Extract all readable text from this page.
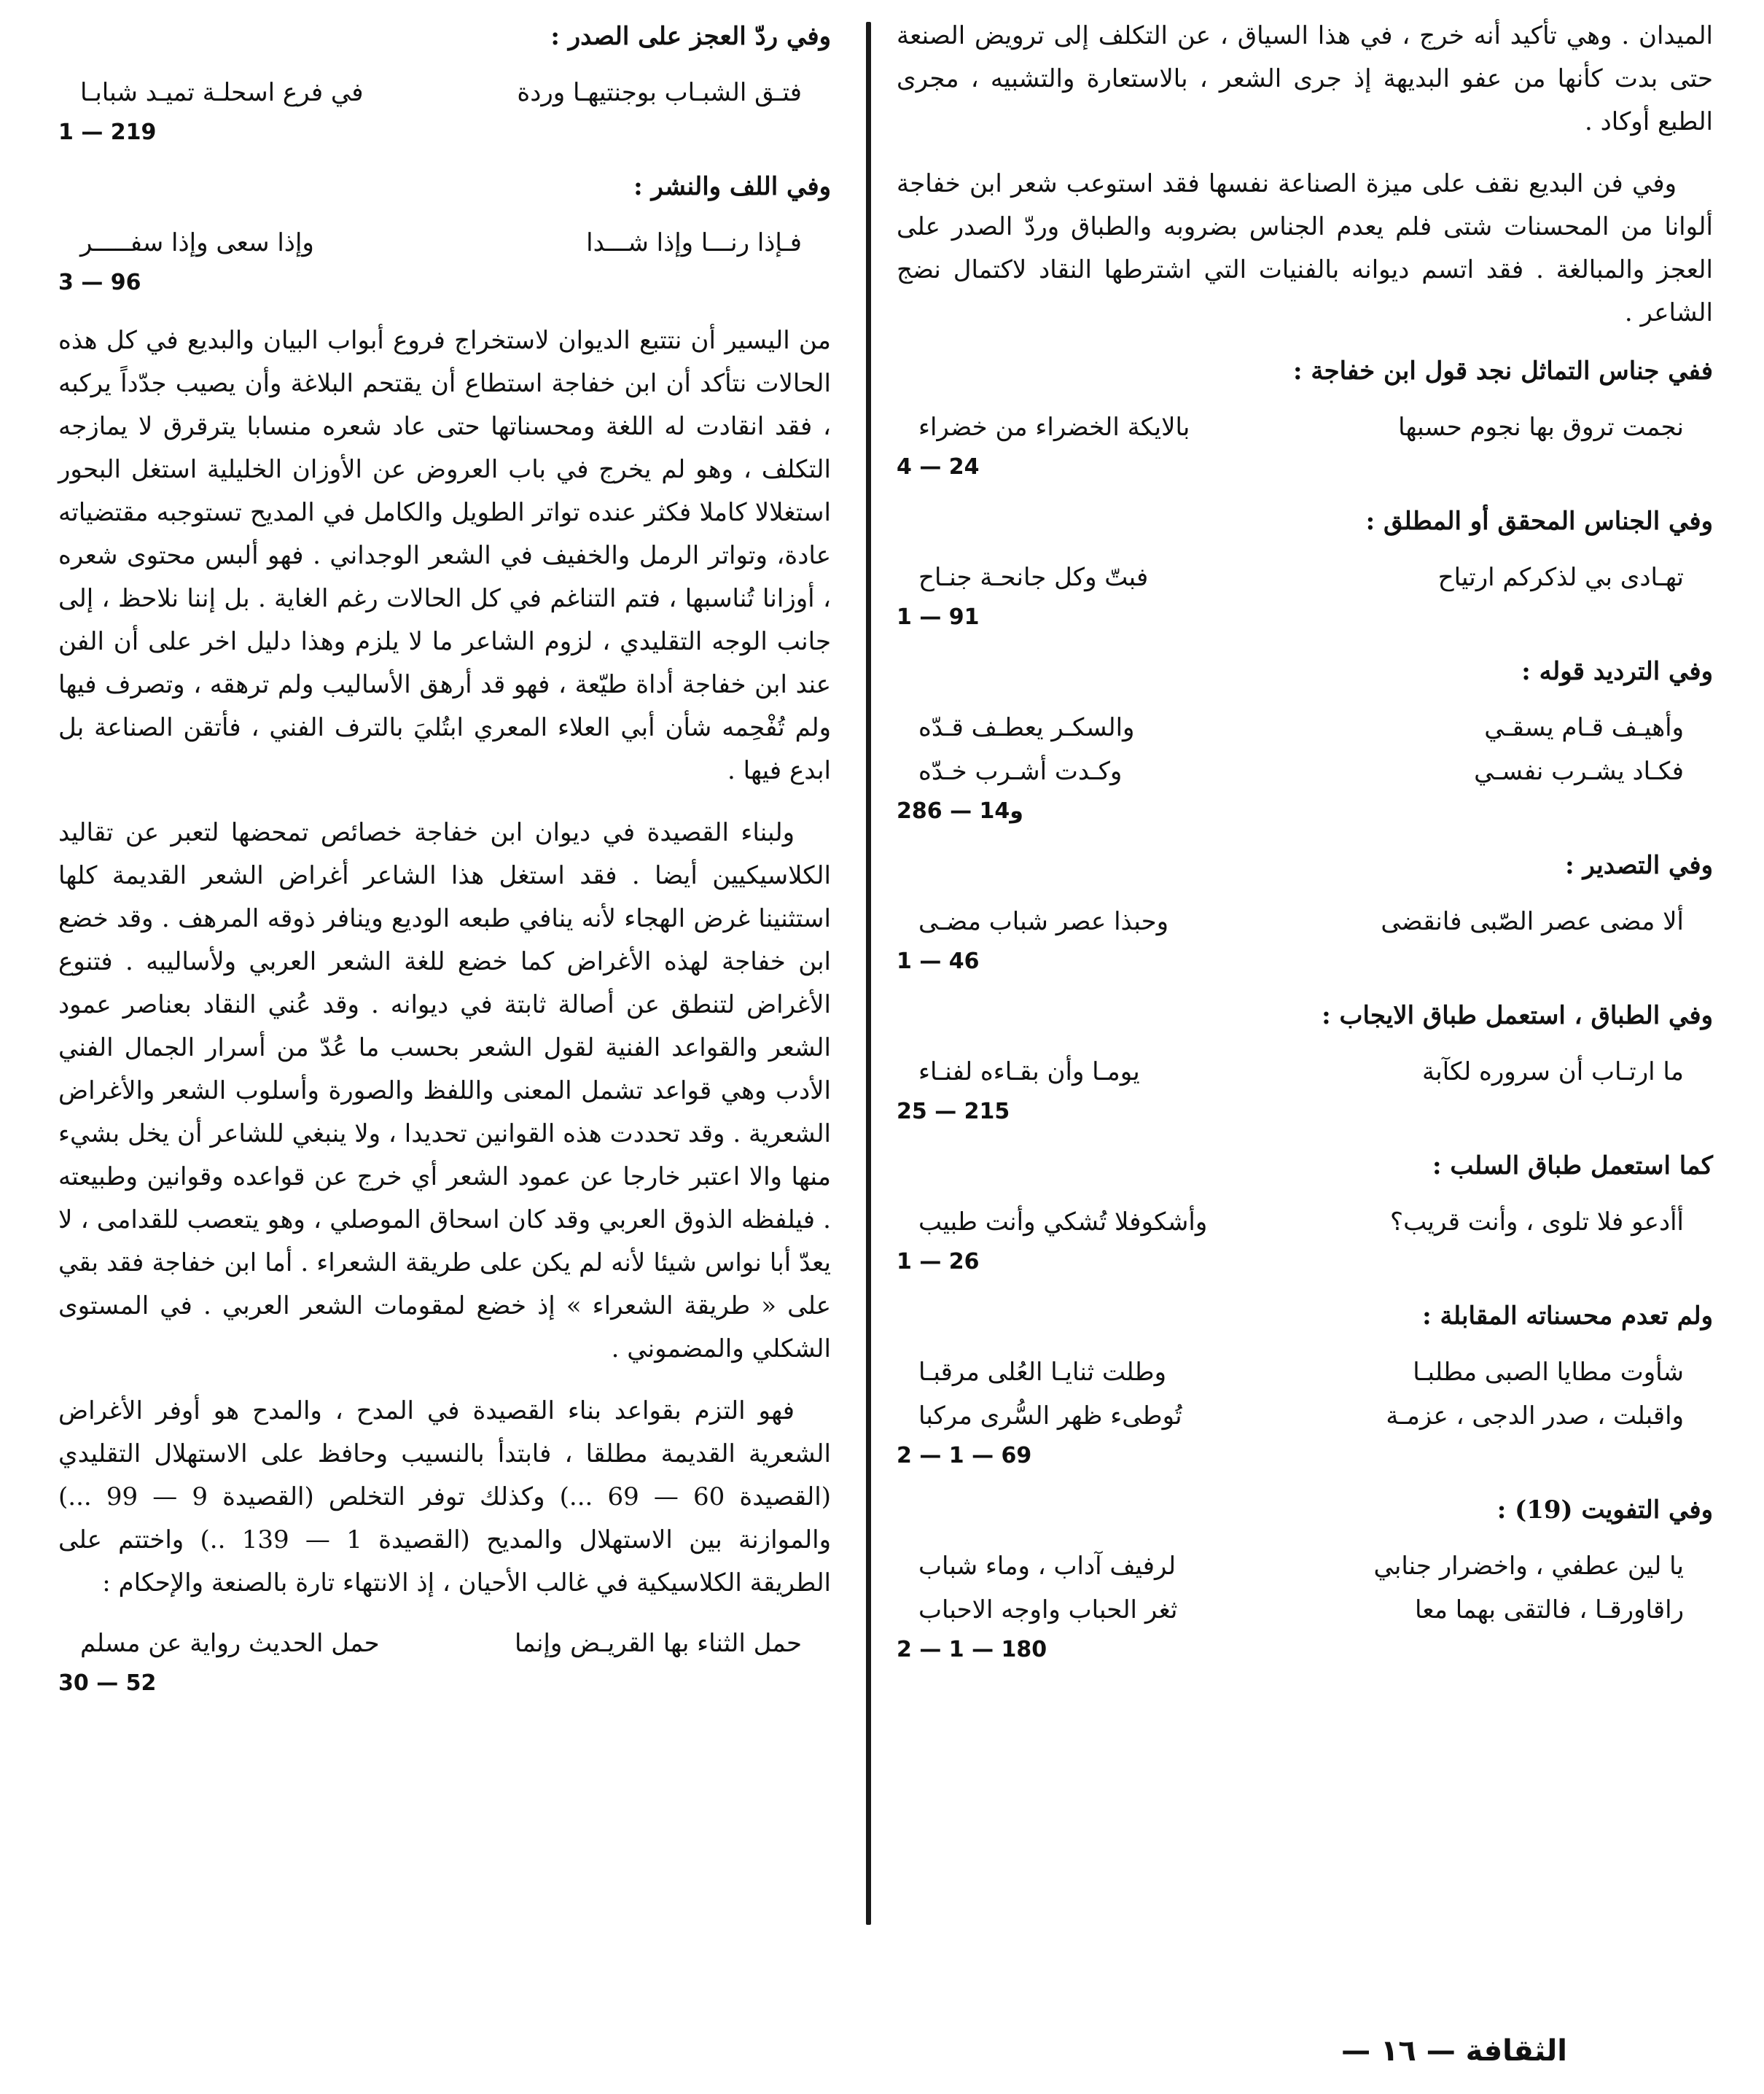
الميدان . وهي تأكيد أنه خرج ، في هذا السياق ، عن التكلف إلى ترويض الصنعة حتى بدت كأنها من عفو البديهة إذ جرى الشعر ، بالاستعارة والتشبيه ، مجرى الطبع أوكاد .

وفي فن البديع نقف على ميزة الصناعة نفسها فقد استوعب شعر ابن خفاجة ألوانا من المحسنات شتى فلم يعدم الجناس بضروبه والطباق وردّ الصدر على العجز والمبالغة . فقد اتسم ديوانه بالفنيات التي اشترطها النقاد لاكتمال نضج الشاعر .

ففي جناس التماثل نجد قول ابن خفاجة :
نجمت تروق بها نجوم حسبها
بالايكة الخضراء من خضراء
4 — 24
وفي الجناس المحقق أو المطلق :
تهـادى بي لذكركم ارتياح
فبتّ وكل جانحـة جنـاح
1 — 91
وفي الترديد قوله :
وأهيـف قـام يسقـي
والسكـر يعطـف قـدّه
فكـاد يشـرب نفسـي
وكـدت أشـرب خـدّه
286 — 1و4
وفي التصدير :
ألا مضى عصر الصّبى فانقضى
وحبذا عصر شباب مضـى
1 — 46
وفي الطباق ، استعمل طباق الايجاب :
ما ارتـاب أن سروره لكآبة
يومـا وأن بقـاءه لفنـاء
25 — 215
كما استعمل طباق السلب :
أأدعو فلا تلوى ، وأنت قريب؟
وأشكوفلا تُشكي وأنت طبيب
1 — 26
ولم تعدم محسناته المقابلة :
شأوت مطايا الصبى مطلبـا
وطلت ثنايـا العُلى مرقبـا
واقبلت ، صدر الدجى ، عزمـة
تُوطىء ظهر السُّرى مركبا
2 — 1 — 69
وفي التفويت (19) :
يا لين عطفي ، واخضرار جنابي
لرفيف آداب ، وماء شباب
راقاورقـا ، فالتقى بهما معا
ثغر الحباب واوجه الاحباب
2 — 1 — 180
وفي ردّ العجز على الصدر :
فتـق الشبـاب بوجنتيهـا وردة
في فرع اسحلـة تميـد شبابـا
1 — 219
وفي اللف والنشر :
فـإذا رنـــا وإذا شـــدا
وإذا سعى وإذا سفـــــر
3 — 96

من اليسير أن نتتبع الديوان لاستخراج فروع أبواب البيان والبديع في كل هذه الحالات نتأكد أن ابن خفاجة استطاع أن يقتحم البلاغة وأن يصيب جدّداً يركبه ، فقد انقادت له اللغة ومحسناتها حتى عاد شعره منسابا يترقرق لا يمازجه التكلف ، وهو لم يخرج في باب العروض عن الأوزان الخليلية استغل البحور استغلالا كاملا فكثر عنده تواتر الطويل والكامل في المديح تستوجبه مقتضياته عادة، وتواتر الرمل والخفيف في الشعر الوجداني . فهو ألبس محتوى شعره ، أوزانا تُناسبها ، فتم التناغم في كل الحالات رغم الغاية . بل إننا نلاحظ ، إلى جانب الوجه التقليدي ، لزوم الشاعر ما لا يلزم وهذا دليل اخر على أن الفن عند ابن خفاجة أداة طيّعة ، فهو قد أرهق الأساليب ولم ترهقه ، وتصرف فيها ولم تُفْحِمه شأن أبي العلاء المعري ابتُليَ بالترف الفني ، فأتقن الصناعة بل ابدع فيها .

ولبناء القصيدة في ديوان ابن خفاجة خصائص تمحضها لتعبر عن تقاليد الكلاسيكيين أيضا . فقد استغل هذا الشاعر أغراض الشعر القديمة كلها استثنينا غرض الهجاء لأنه ينافي طبعه الوديع وينافر ذوقه المرهف . وقد خضع ابن خفاجة لهذه الأغراض كما خضع للغة الشعر العربي ولأساليبه . فتنوع الأغراض لتنطق عن أصالة ثابتة في ديوانه . وقد عُني النقاد بعناصر عمود الشعر والقواعد الفنية لقول الشعر بحسب ما عُدّ من أسرار الجمال الفني الأدب وهي قواعد تشمل المعنى واللفظ والصورة وأسلوب الشعر والأغراض الشعرية . وقد تحددت هذه القوانين تحديدا ، ولا ينبغي للشاعر أن يخل بشيء منها والا اعتبر خارجا عن عمود الشعر أي خرج عن قواعده وقوانين وطبيعته . فيلفظه الذوق العربي وقد كان اسحاق الموصلي ، وهو يتعصب للقدامى ، لا يعدّ أبا نواس شيئا لأنه لم يكن على طريقة الشعراء . أما ابن خفاجة فقد بقي على « طريقة الشعراء » إذ خضع لمقومات الشعر العربي . في المستوى الشكلي والمضموني .

فهو التزم بقواعد بناء القصيدة في المدح ، والمدح هو أوفر الأغراض الشعرية القديمة مطلقا ، فابتدأ بالنسيب وحافظ على الاستهلال التقليدي (القصيدة 60 — 69 ...) وكذلك توفر التخلص (القصيدة 9 — 99 ...) والموازنة بين الاستهلال والمديح (القصيدة 1 — 139 ..) واختتم على الطريقة الكلاسيكية في غالب الأحيان ، إذ الانتهاء تارة بالصنعة والإحكام :

حمل الثناء بها القريـض وإنما
حمل الحديث رواية عن مسلم
30 — 52
الثقافة — ١٦ —
